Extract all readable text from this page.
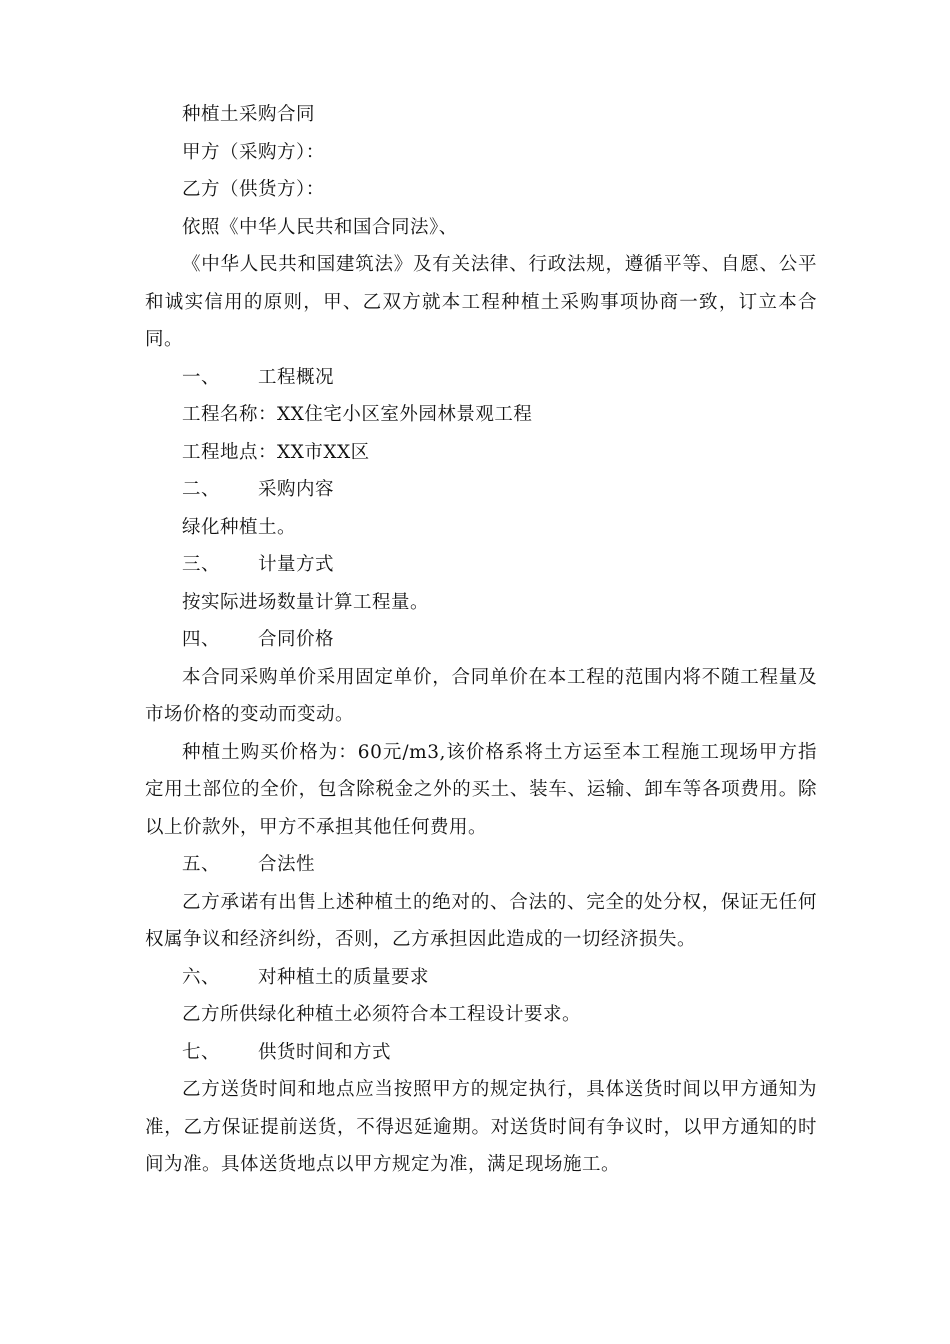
种植土采购合同

甲方（采购方）：

乙方（供货方）：

依照《中华人民共和国合同法》、

《中华人民共和国建筑法》及有关法律、行政法规，遵循平等、自愿、公平和诚实信用的原则，甲、乙双方就本工程种植土采购事项协商一致，订立本合同。

一、 工程概况

工程名称：XX住宅小区室外园林景观工程

工程地点：XX市XX区

二、 采购内容

绿化种植土。

三、 计量方式

按实际进场数量计算工程量。

四、 合同价格

本合同采购单价采用固定单价，合同单价在本工程的范围内将不随工程量及市场价格的变动而变动。

种植土购买价格为：60元/m3,该价格系将土方运至本工程施工现场甲方指定用土部位的全价，包含除税金之外的买土、装车、运输、卸车等各项费用。除以上价款外，甲方不承担其他任何费用。

五、 合法性

乙方承诺有出售上述种植土的绝对的、合法的、完全的处分权，保证无任何权属争议和经济纠纷，否则，乙方承担因此造成的一切经济损失。

六、 对种植土的质量要求

乙方所供绿化种植土必须符合本工程设计要求。

七、 供货时间和方式

乙方送货时间和地点应当按照甲方的规定执行，具体送货时间以甲方通知为准，乙方保证提前送货，不得迟延逾期。对送货时间有争议时，以甲方通知的时间为准。具体送货地点以甲方规定为准，满足现场施工。
